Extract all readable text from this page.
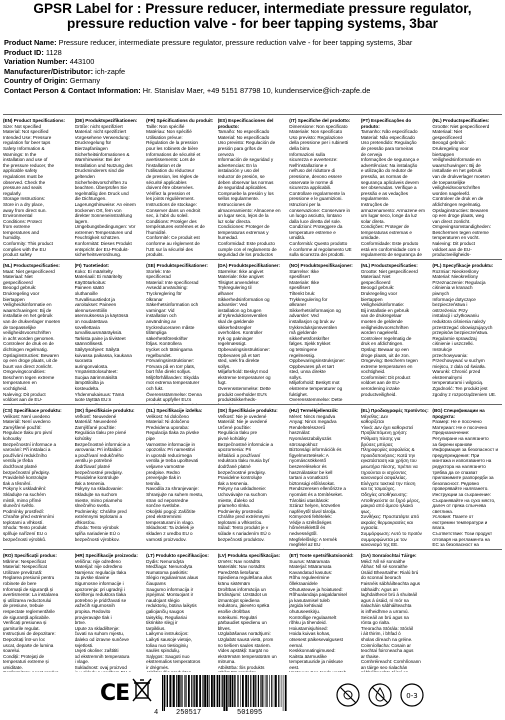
GPSR Label for : Pressure reducer, intermediate pressure regulator, pressure reduction valve - for beer tapping systems, 3bar
Product Name: Pressure reducer, intermediate pressure regulator, pressure reduction valve - for beer tapping systems, 3bar
Product ID: 1128
Variation Number: 443100
Manufacturer/Distributor: ich-zapfe
Country of Origin: Germany
Contact Person & Contact Information: Hr. Stanislav Maer, +49 5151 87798 10, kundenservice@ich-zapfe.de

(EN) Product Specifications:

Size: Not specified
Material: Not specified
Intended Use: Pressure regulation for beer taps
Safety Information &
Warnings: In the
installation and use of
the pressure reducer, the
applicable safety
regulations must be
observed. Check the
pressure and seals
regularly.
Storage Instructions:
Store in a dry place,
away from direct sun.
Environmental
Conditions: Protect
from extreme
temperatures and
humidity.
Conformity: This product
complies with the EU
product safety

(DE) Produktspezifikationen:

Größe: nicht spezifiziert
Material: nicht spezifiziert
Vorgesehene Verwendung:
Druckregelung für
Bierzapfanlagen
Sicherheitsinformationen &
Warnhinweise: Bei der
Installation und Nutzung des
Druckminderers sind die
geltenden
Sicherheitsvorschriften zu
beachten. Überprüfen Sie
regelmäßig den Druck und
die Dichtungen.
Lagerungshinweise: An einem
trockenen Ort, fern von
direkter Sonneneinstrahlung
lagern.
Umgebungsbedingungen: Vor
extremen Temperaturen und
Feuchtigkeit schützen.
Konformität: Dieses Produkt
entspricht der EU-Produkt-
sicherheitsverordnung.

(FR) Spécifications du produit:

Taille: Non spécifié
Matériau: Non spécifié
Utilisation prévue:
Régulation de la pression
pour les robinets de bière
Informations de sécurité et
avertissements: Lors de
l'installation et de
l'utilisation du réducteur
de pression, les règles de
sécurité applicables
doivent être observées.
Vérifiez la pression et
les joints régulièrement.
Instructions de stockage:
Conserver dans un endroit
sec, à l'abri du soleil.
Conditions: Protéger des
températures extrêmes et de
l'humidité.
Conformité: Ce produit est
conforme au règlement de
l'UE sur la sécurité des
produits.

(ES) Especificaciones del producto:

Tamaño: No especificado
Material: No especificado
Uso previsto: Regulación de
presión para grifos de
cerveza
Información de seguridad y
advertencias: En la
instalación y uso del
reductor de presión, se
deben observar las normas
de seguridad aplicables.
Compruebe la presión y los
sellos regularmente.
Instrucciones de
almacenamiento: Almacene en
un lugar seco, lejos de la
luz solar directa.
Condiciones: Proteger de
temperaturas extremas y
humedad.
Conformidad: Este producto
cumple con el reglamento de
seguridad de los productos

(IT) Specifiche del prodotto:

Dimensione: Non specificato
Materiale: Non specificato
Uso previsto: Regolazione
della pressione per i rubinetti
della birra
Informazioni sulla
sicurezza e avvertenze:
Nell'installazione e
nell'uso del riduttore di
pressione, devono essere
osservate le norme di
sicurezza applicabili.
Controllare regolarmente la
pressione e le guarnizioni.
Istruzioni per la
conservazione: Conservare in
un luogo asciutto, lontano
dalla luce diretta del sole.
Condizioni: Proteggere da
temperature estreme e
umidità.
Conformità: Questo prodotto
è conforme al regolamento UE
sulla sicurezza dei prodotti.

(PT) Especificações do produto:

Tamanho: Não especificado
Material: Não especificado
Uso pretendido: Regulação
de pressão para torneiras
de cerveja
Informações de segurança e
advertências: Na instalação
e utilização do redutor de
pressão, as normas de
segurança aplicáveis devem
ser observadas. Verifique a
pressão e as vedações
regularmente.
Instruções de
armazenamento: Armazene em
um lugar seco, longe da luz
solar direta.
Condições: Proteger de
temperaturas extremas e
umidade.
Conformidade: Este produto
está em conformidade com o
regulamento de segurança de

(NL) Productspecificaties:

Grootte: Niet gespecificeerd
Materiaal: Niet
gespecificeerd
Beoogd gebruik:
Drukregeling voor
biertappen
Veiligheidsinformatie en
waarschuwingen: Bij de
installatie en het gebruik
van de drukverlager moeten
de toepasselijke
veiligheidsvoorschriften
worden nageleefd.
Controleer de druk en de
afdichtingen regelmatig.
Opslaginstructies: Bewaren
op een droge plaats, weg
van direct zonlicht.
Omgevingsomstandigheden:
Beschermen tegen extreme
temperaturen en vocht.
Naleving: Dit product
voldoet aan de EU-
productveiligheids-

(NL) Productspecificaties:

Maat: Niet gespecificeerd
Materiaal: Niet
gespecificeerd
Beoogd gebruik:
Drukregeling voor
biertappen
Veiligheidsinformatie en
waarschuwingen: Bij de
installatie en het gebruik
van de drukverlager moeten
de toepasselijke
veiligheidsvoorschriften
in acht worden genomen.
Controleer de druk en de
dichtingen regelmatig.
Opslaginstructies: Bewaren
op een droge plaats, uit de
buurt van direct zonlicht.
Omgevingscondities:
Bescherm tegen extreme
temperaturen en
vochtigheid.
Naleving: Dit product
voldoet aan de EU-

(FI) Tuotetiedot:

Koko: Ei määritelty
Materiaali: Ei määritelty
Käyttötarkoitus:
Paineen säätö
oluthanoille
Turvallisuustiedot ja
varoitukset: Paineen
alennusventtiilin
asennuksessa ja käytössä
on noudatettava
sovellettavia
turvallisuusmääräyksiä.
Tarkista paine ja tiivisteet
säännöllisesti.
Säilytysohjeet: Säilytä
kuivassa paikassa, kaukana
suorasta
auringonvalosta.
Ympäristöolosuhteet:
Suojaa äärimmäisiltä
lämpötiloilta ja
kosteudelta.
Yhdenmukaisuus: Tämä
tuote täyttää EU:n

(SE) Produktspecifikationer:

Storlek: Inte
specificerad
Material: Inte specificerad
Avsedd användning:
Tryckreglering för
ölkranar
Säkerhetsinformation och
varningar: Vid
installation och
användning av
tryckreduceraren måste
tillämpliga
säkerhetsföreskrifter
följas. Kontrollera
trycket och tätningarna
regelbundet.
Förvaringsinstruktioner:
Förvara på en torr plats,
bort från direkt solljus.
Miljöförhållanden: Skydda
mot extrema temperaturer
och fukt.
Överensstämmelse: Denna
produkt uppfyller EU:s

(DA) Produktspecifikationer:

Størrelse: Ikke angivet
Materiale: Ikke angivet
Tilsigtet anvendelse:
Trykregulering til
ølhaner
Sikkerhedsinformation og
advarsler: Ved
installation og brugen
af trykreduktionsventilen
skal de gældende
sikkerhedsregler
overholdes. Kontroller
tryk og pakninger
regelmæssigt.
Opbevaringsinstruktioner:
Opbevares på et tørt
sted, væk fra direkte
sollys.
Miljøforhold: Beskyt mod
ekstreme temperaturer og
fugt.
Overensstemmelse: Dette
produkt overholder EU's
produktsikkerheds-

(NO) Produktspesifikasjoner:

Størrelse: Ikke
spesifisert
Materiale: Ikke
spesifisert
Tiltenkt bruk:
Trykkregulering for
ølkraner
Sikkerhetsinformasjon og
advarsler: Ved
installasjon og bruk av
trykkreduksjonsventilen
må gjeldende
sikkerhetsforskrifter
følges. Sjekk trykket
og tetningene
regelmessig.
Oppbevaringsinstruksjoner:
Oppbevares på et tørt
sted, unna direkte
sollys.
Miljøforhold: Beskytt mot
ekstreme temperaturer og
fuktighet.
Overensstemmelse: Dette

(NL) Productspecificaties:

Grootte: Niet gespecificeerd
Materiaal: Niet
gespecificeerd
Beoogd gebruik:
Drukregeling voor
biertappen
Veiligheidsinformatie:
Bij installatie en gebruik
van de drukregelaar
moeten de geldende
veiligheidsvoorschriften
worden nageleefd.
Controleer regelmatig de
druk en afdichtingen.
Opslag: Bewaar op een
droge plaats, uit de zon.
Omgeving: Bescherm tegen
extreme temperaturen en
vochtigheid.
Conformiteit: Dit product
voldoet aan de EU-
verordening inzake
productveiligheid.

(PL) Specyfikacje produktu:

Rozmiar: Nieokreślony
Materiał: Nieokreślony
Przeznaczenie: Regulacja
ciśnienia w kranach
piwnych
Informacje dotyczące
bezpieczeństwa i
ostrzeżenia: Przy
instalacji i użytkowaniu
reduktora ciśnienia należy
przestrzegać obowiązujących
przepisów bezpieczeństwa.
Regularnie sprawdzaj
ciśnienie i uszczelki.
Instrukcje
przechowywania:
Przechowywać w suchym
miejscu, z dala od światła.
Warunki: Chronić przed
ekstremalnymi
temperaturami i wilgocią.
Zgodność: Ten produkt jest
zgodny z rozporządzeniem UE.

(CS) Specifikace produktu:

Velikost: Není uvedeno
Materiál: Není uvedeno
Zamýšlené použití:
Regulace tlaku pro pivní
kohoutky
Bezpečnostní informace a
varování: Při instalaci a
používání redukčního
ventilu je třeba
dodržovat platné
bezpečnostní předpisy.
Pravidelně kontrolujte
tlak a těsnění.
Pokyny k uskladnění:
Skladujte na suchém
místě, mimo přímé
sluneční světlo.
Podmínky prostředí:
Chraňte před extrémními
teplotami a vlhkostí.
Shoda: Tento produkt
splňuje nařízení EU o
bezpečnosti výrobků.

(SK) Špecifikácie produktu:

Veľkosť: Neuvedené
Materiál: Neuvedené
Zamýšľané použitie:
Regulácia tlaku pre pivné
kohútiky
Bezpečnostné informácie a
varovania: Pri inštalácii
a používaní redukčného
ventilu je potrebné
dodržiavať platné
bezpečnostné predpisy.
Pravidelne kontrolujte
tlak a tesnenia.
Pokyny na skladovanie:
Skladujte na suchom
mieste, mimo priameho
slnečného svetla.
Podmienky: Chráňte pred
extrémnymi teplotami a
vlhkosťou.
Zhoda: Tento výrobok
spĺňa nariadenie EÚ o
bezpečnosti výrobkov.

(SL) Specifikacije izdelka:

Velikost: Ni določeno
Material: Ni določeno
Predvidena uporaba:
Regulacija tlaka za pivske
pipe
Varnostne informacije in
opozorila: Pri namestitvi
in uporabi reducirnega
ventila je treba upoštevati
veljavne varnostne
predpise. Redno
preverjajte tlak in
tesnila.
Navodila za shranjevanje:
Shranjujte na suhem mestu,
stran od neposredne
sončne svetlobe.
Okoljski pogoji: Zaščitite
pred ekstremnimi
temperaturami in vlago.
Skladnost: Ta izdelek je
skladen z uredbo EU o
varnosti proizvodov.

(SK) Špecifikácie produktu:

Veľkosť: Nie je uvedené
Materiál: Nie je uvedené
Určené použitie:
Regulácia tlaku pre
pivné kohútiky
Bezpečnostné informácie a
upozornenia: Pri
inštalácii a používaní
reduktora tlaku musia byť
dodržané platné
bezpečnostné predpisy.
Pravidelne kontrolujte
tlak a tesnenia.
Pokyny na uskladnenie:
Uchovávajte na suchom
mieste, ďaleko od
priameho slnka.
Podmienky prostredia:
Chráňte pred extrémnymi
teplotami a vlhkosťou.
Súlad: Tento produkt je v
súlade s nariadením EÚ o
bezpečnosti produktov.

(HU) Termékjellemzők:

Méret: Nincs megadva
Anyag: Nincs megadva
Rendeltetésszerű
használat:
Nyomásszabályozás
sörcsapokhoz
Biztonsági információk és
figyelmeztetések: A
nyomáscsökkentő
beszerelésekor és
használatakor be kell
tartani a vonatkozó
biztonsági előírásokat.
Rendszeresen ellenőrizze a
nyomást és a tömítéseket.
Tárolási utasítások:
Száraz helyen, közvetlen
napfénytől távol tárolja.
Környezeti feltételek:
Védje a szélsőséges
hőmérséklettől és
nedvességtől.
Megfelelőség: A termék
megfelel az EU

(EL) Προδιαγραφές προϊόντος:

Μέγεθος: Δεν
καθορίζεται
Υλικό: Δεν έχει καθοριστεί
Προβλεπόμενη χρήση:
Ρύθμιση πίεσης για
βρύσες μπύρας
Πληροφορίες ασφαλείας &
προειδοποιήσεις: Κατά την
εγκατάσταση και χρήση του
μειωτήρα πίεσης, πρέπει να
τηρούνται οι ισχύοντες
κανονισμοί ασφαλείας.
Ελέγχετε τακτικά την πίεση
και τις τσιμούχες.
Οδηγίες αποθήκευσης:
Αποθηκεύστε σε ξηρό μέρος,
μακριά από άμεσο ηλιακό
φως.
Συνθήκες: Προστατέψτε από
ακραίες θερμοκρασίες και
υγρασία.
Συμμόρφωση: Αυτό το προϊόν
συμμορφώνεται με τον
κανονισμό της ΕΕ.

(BG) Спецификации на продукта:

Размер: Не е посочено
Материал: Не е посочено
Предназначение:
Регулиране на налягането
за бирени кранове
Информация за безопасност и
предупреждения: При
монтажа и използването на
редуктора на налягането
трябва да се спазват
приложимите разпоредби за
безопасност. Редовно
проверявайте налягането.
Инструкции за съхранение:
Съхранявайте на сухо място,
далеч от пряка слънчева
светлина.
Условия: Пазете от
екстремни температури и
влага.
Съответствие: Този продукт
отговаря на регламента на
ЕС за безопасност на

(RO) Specificații produs:

Mărime: Nespecificat
Material: Nespecificat
Utilizare prevăzută:
Reglarea presiunii pentru
robinete de bere
Informații de siguranță și
avertismente: La instalarea
și utilizarea reductorului
de presiune, trebuie
respectate reglementările
de siguranță aplicabile.
Verificați presiunea și
garniturile regulat.
Instrucțiuni de depozitare:
Depozitați într-un loc
uscat, departe de lumina
soarelui.
Condiții: Protejați de
temperaturi extreme și
umiditate.

(HR) Specifikacije proizvoda:

Veličina: nije određeno
Materijal: nije određeno
Namjena: regulacija tlaka
za pivske slavine
Sigurnosne informacije i
upozorenja: pri ugradnji i
korištenju reduktora tlaka
potrebno je pridržavati se
važećih sigurnosnih
propisa. Redovito
provjeravajte tlak i
brtve.
Upute za skladištenje:
čuvati na suhom mjestu,
daleko od izravne sunčeve
svjetlosti.
Uvjeti okoline: zaštititi
od ekstremnih temperatura
i vlage.
Sukladnost: ovaj proizvod

(LT) Produkto specifikacijos:

Dydis: Nenurodyta
Medžiaga: Nenurodyta
Numatoma paskirtis:
Slėgio reguliavimas alaus
čiaupams
Saugumo informacija ir
įspėjimai: Montuojant ir
naudojant slėgio
reduktorių, būtina laikytis
galiojančių saugos
taisyklių. Reguliariai
tikrinkite slėgį ir
tarpiklius.
Laikymo instrukcijos:
Laikyti sausoje vietoje,
toliau nuo tiesioginių
saulės spindulių.
Sąlygos: Saugoti nuo
ekstremalios temperatūros
ir drėgmės.

(LV) Produkta specifikācijas:

Izmērs: Nav norādīts
Materiāls: Nav norādīts
Paredzētā lietošana:
Spiediena regulēšana alus
krānu sistēmām
Drošības informācija un
brīdinājumi: Uzstādot un
izmantojot spiediena
reduktoru, jāievēro spēkā
esošie drošības
noteikumi. Regulāri
pārbaudiet spiedienu un
blīves.
Uzglabāšanas norādījumi:
Uzglabāt sausā vietā, prom
no tiešiem saules stariem.
Vides apstākļi: Sargāt no
ekstrēmām temperatūrām un
mitruma.
Atbilstība: Šis produkts

(ET) Toote spetsifikatsioonid:

Suurus: Määramata
Materjal: Määramata
Kavandatud kasutus:
Rõhu reguleerimine
õllekraanidele
Ohutusteave ja hoiatused:
Rõhualandaja paigaldamisel
ja kasutamisel tuleb
järgida kehtivaid
ohutuseeskirju.
Kontrollige regulaarselt
rõhku ja tihendeid.
Hoiustamisjuhised:
Hoida kuivas kohas,
otsesest päikesevalgusest
eemal.
Keskkonnatingimused:
Kaitsta äärmuslike
temperatuuride ja niiskuse
eest.

(GA) Sonraíochtaí Táirge:

Méid: Níl sé sonraithe
Ábhar: Níl sé sonraithe
Úsáid Bheartaithe: Rialú brú
do sconnaí beorach
Faisnéis sábháilteachta agus
rabhaidh: Agus an
laghdaitheoir brú á shuiteáil
agus á úsáid, ní mór na
rialacháin sábháilteachta
is infheidhme a urramú.
Seiceáil an brú agus na
rónta go rialta.
Treoracha Stórála: Stóráil
i áit thirim, i bhfad ó
sholas díreach na gréine.
Coinníollacha: Cosain ar
teochtaí foircneacha agus
ar thaise.
Comhréireacht: Comhlíonann
an táirge seo rialachán

CE
4	250517	501095
0-3
